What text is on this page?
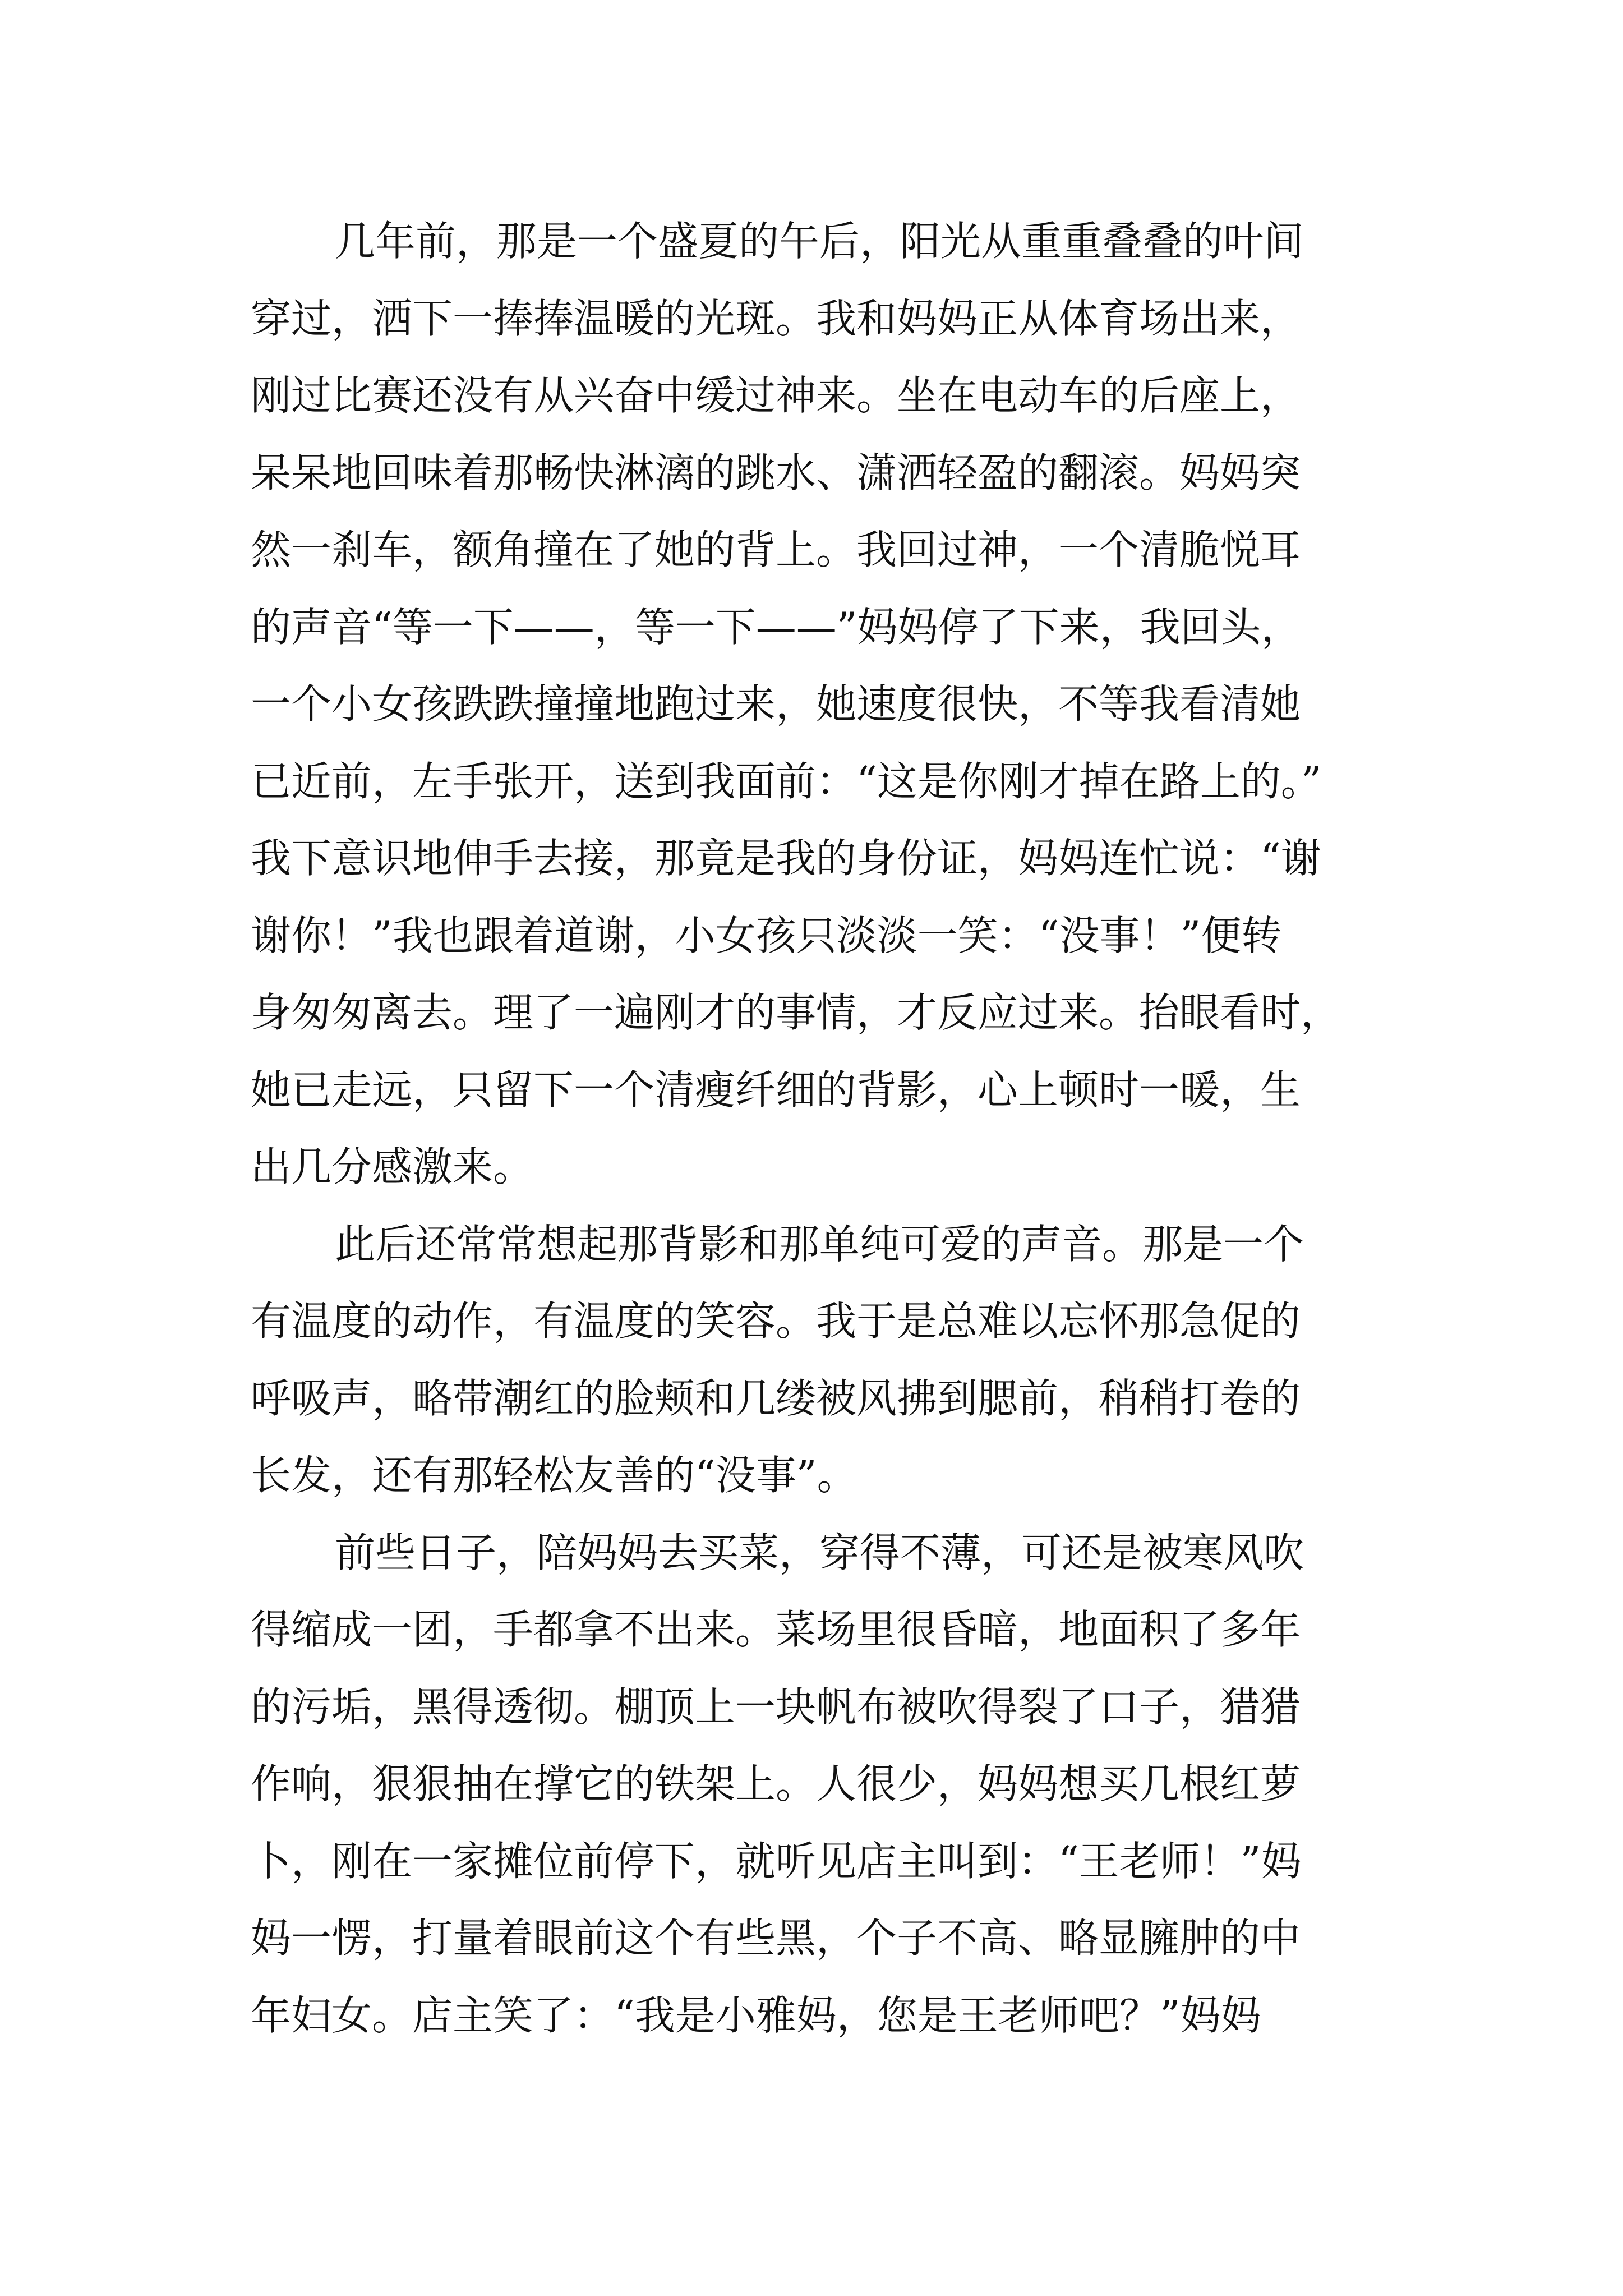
几年前，那是一个盛夏的午后，阳光从重重叠叠的叶间
穿过，洒下一捧捧温暖的光斑。我和妈妈正从体育场出来，
刚过比赛还没有从兴奋中缓过神来。坐在电动车的后座上，
呆呆地回味着那畅快淋漓的跳水、潇洒轻盈的翻滚。妈妈突
然一刹车，额角撞在了她的背上。我回过神，一个清脆悦耳
的声音“等一下——，等一下——”妈妈停了下来，我回头，
一个小女孩跌跌撞撞地跑过来，她速度很快，不等我看清她
已近前，左手张开，送到我面前：“这是你刚才掉在路上的。”
我下意识地伸手去接，那竟是我的身份证，妈妈连忙说：“谢
谢你！”我也跟着道谢，小女孩只淡淡一笑：“没事！”便转
身匆匆离去。理了一遍刚才的事情，才反应过来。抬眼看时，
她已走远，只留下一个清瘦纤细的背影，心上顿时一暖，生
出几分感激来。
此后还常常想起那背影和那单纯可爱的声音。那是一个
有温度的动作，有温度的笑容。我于是总难以忘怀那急促的
呼吸声，略带潮红的脸颊和几缕被风拂到腮前，稍稍打卷的
长发，还有那轻松友善的“没事”。
前些日子，陪妈妈去买菜，穿得不薄，可还是被寒风吹
得缩成一团，手都拿不出来。菜场里很昏暗，地面积了多年
的污垢，黑得透彻。棚顶上一块帆布被吹得裂了口子，猎猎
作响，狠狠抽在撑它的铁架上。人很少，妈妈想买几根红萝
卜，刚在一家摊位前停下，就听见店主叫到：“王老师！”妈
妈一愣，打量着眼前这个有些黑，个子不高、略显臃肿的中
年妇女。店主笑了：“我是小雅妈，您是王老师吧？”妈妈
